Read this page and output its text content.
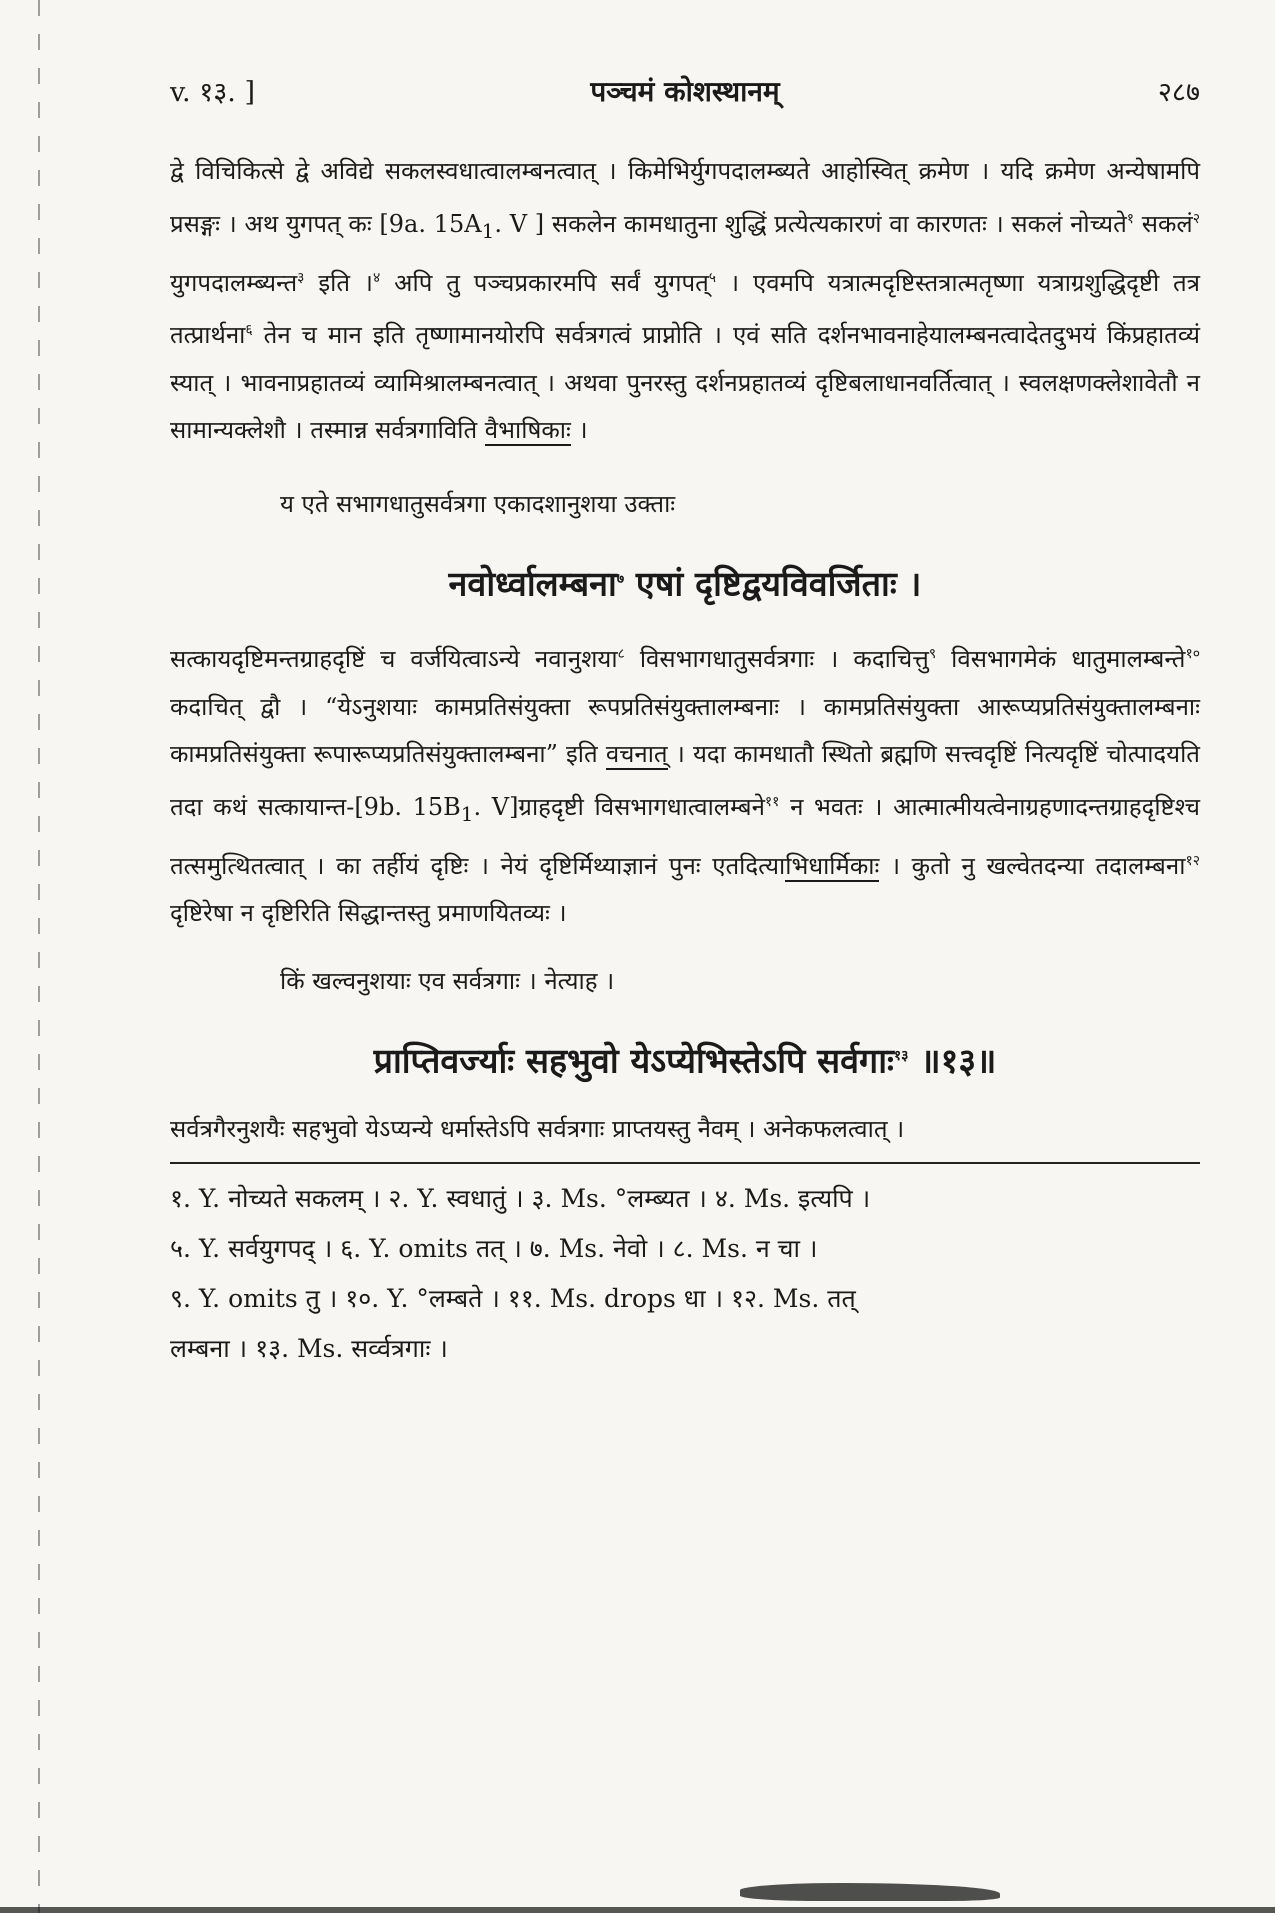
v. १३. ]	पञ्चमं कोशस्थानम्	२८७

द्वे विचिकित्से द्वे अविद्ये सकलस्वधात्वालम्बनत्वात् । किमेभिर्युगपदालम्ब्यते आहोस्वित् क्रमेण । यदि क्रमेण अन्येषामपि प्रसङ्गः । अथ युगपत् कः [9a. $15A_1$. V ] सकलेन कामधातुना शुद्धिं प्रत्येत्यकारणं वा कारणतः । सकलं नोच्यते$^१$ सकलं$^२$ युगपदालम्ब्यन्त$^३$ इति ।$^४$ अपि तु पञ्चप्रकारमपि सर्वं युगपत्$^५$ । एवमपि यत्रात्मदृष्टिस्तत्रात्मतृष्णा यत्राग्रशुद्धिदृष्टी तत्र तत्प्रार्थना$^६$ तेन च मान इति तृष्णामानयोरपि सर्वत्रगत्वं प्राप्नोति । एवं सति दर्शनभावनाहेयालम्बनत्वादेतदुभयं किंप्रहातव्यं स्यात् । भावनाप्रहातव्यं व्यामिश्रालम्बनत्वात् । अथवा पुनरस्तु दर्शनप्रहातव्यं दृष्टिबलाधानवर्तित्वात् । स्वलक्षणक्लेशावेतौ न सामान्यक्लेशौ । तस्मान्न सर्वत्रगाविति वैभाषिकाः ।

य एते सभागधातुसर्वत्रगा एकादशानुशया उक्ताः

नवोर्ध्वालम्बना$^७$ एषां दृष्टिद्वयविवर्जिताः ।

सत्कायदृष्टिमन्तग्राहदृष्टिं च वर्जयित्वाऽन्ये नवानुशया$^८$ विसभागधातुसर्वत्रगाः । कदाचित्तु$^९$ विसभागमेकं धातुमालम्बन्ते$^{१०}$ कदाचित् द्वौ । “येऽनुशयाः कामप्रतिसंयुक्ता रूपप्रतिसंयुक्तालम्बनाः । कामप्रतिसंयुक्ता आरूप्यप्रतिसंयुक्तालम्बनाः कामप्रतिसंयुक्ता रूपारूप्यप्रतिसंयुक्तालम्बना” इति वचनात् । यदा कामधातौ स्थितो ब्रह्मणि सत्त्वदृष्टिं नित्यदृष्टिं चोत्पादयति तदा कथं सत्कायान्त-[9b. $15B_1$. V]ग्राहदृष्टी विसभागधात्वालम्बने$^{११}$ न भवतः । आत्मात्मीयत्वेनाग्रहणादन्तग्राहदृष्टिश्च तत्समुत्थितत्वात् । का तर्हीयं दृष्टिः । नेयं दृष्टिर्मिथ्याज्ञानं पुनः एतदित्याभिधार्मिकाः । कुतो नु खल्वेतदन्या तदालम्बना$^{१२}$ दृष्टिरेषा न दृष्टिरिति सिद्धान्तस्तु प्रमाणयितव्यः ।

किं खल्वनुशयाः एव सर्वत्रगाः । नेत्याह ।

प्राप्तिवर्ज्याः सहभुवो येऽप्येभिस्तेऽपि सर्वगाः$^{१३}$ ॥१३॥

सर्वत्रगैरनुशयैः सहभुवो येऽप्यन्ये धर्मास्तेऽपि सर्वत्रगाः प्राप्तयस्तु नैवम् । अनेकफलत्वात् ।

१. Y. नोच्यते सकलम् । २. Y. स्वधातुं । ३. Ms. °लम्ब्यत । ४. Ms. इत्यपि ।

५. Y. सर्वयुगपद् । ६. Y. omits तत् । ७. Ms. नेवो । ८. Ms. न चा ।

९. Y. omits तु । १०. Y. °लम्बते । ११. Ms. drops धा । १२. Ms. तत्

लम्बना । १३. Ms. सर्व्वत्रगाः ।
